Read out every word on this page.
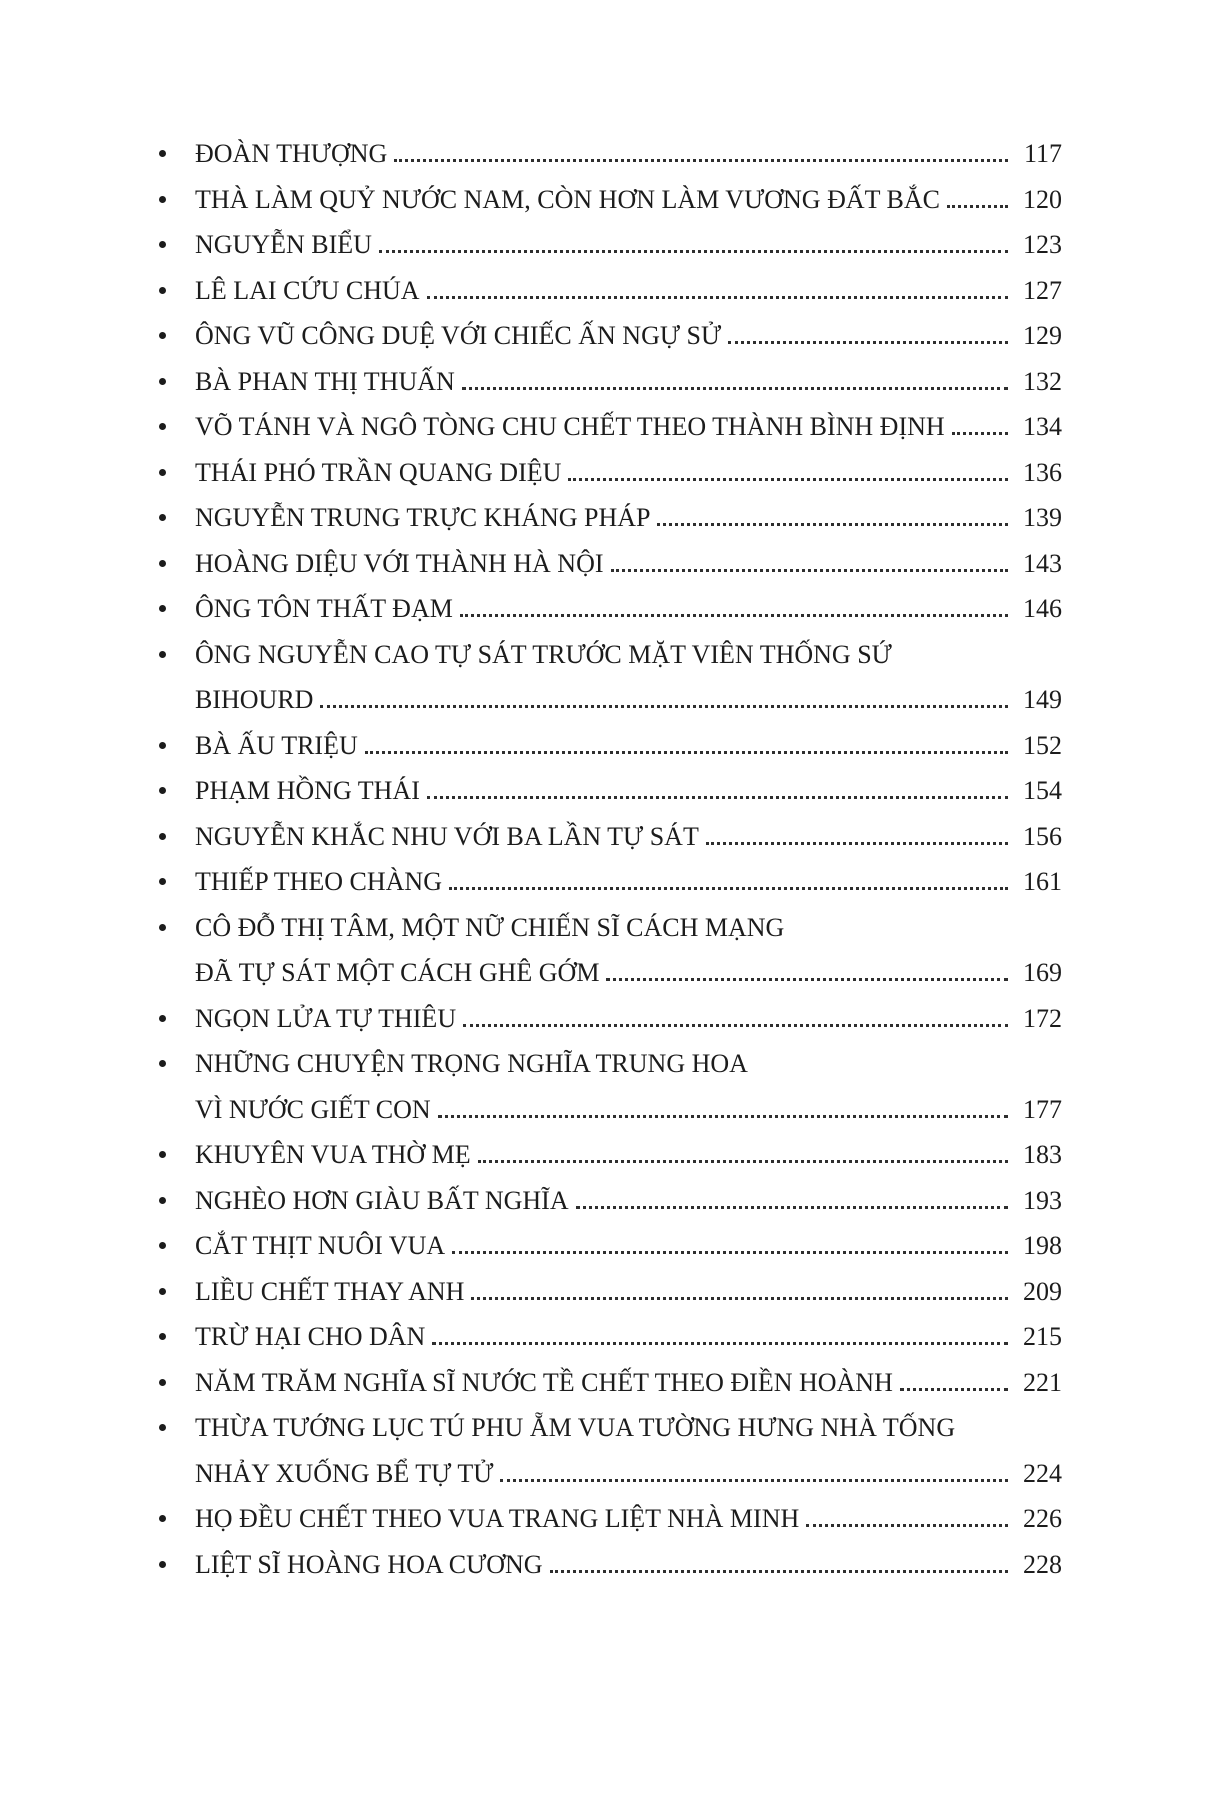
ĐOÀN THƯỢNG	117
THÀ LÀM QUỶ NƯỚC NAM, CÒN HƠN LÀM VƯƠNG ĐẤT BẮC	120
NGUYỄN BIỂU	123
LÊ LAI CỨU CHÚA	127
ÔNG VŨ CÔNG DUỆ VỚI CHIẾC ẤN NGỰ SỬ	129
BÀ PHAN THỊ THUẤN	132
VÕ TÁNH VÀ NGÔ TÒNG CHU CHẾT THEO THÀNH BÌNH ĐỊNH	134
THÁI PHÓ TRẦN QUANG DIỆU	136
NGUYỄN TRUNG TRỰC KHÁNG PHÁP	139
HOÀNG DIỆU VỚI THÀNH HÀ NỘI	143
ÔNG TÔN THẤT ĐẠM	146
ÔNG NGUYỄN CAO TỰ SÁT TRƯỚC MẶT VIÊN THỐNG SỨ
BIHOURD	149
BÀ ẤU TRIỆU	152
PHẠM HỒNG THÁI	154
NGUYỄN KHẮC NHU VỚI BA LẦN TỰ SÁT	156
THIẾP THEO CHÀNG	161
CÔ ĐỖ THỊ TÂM, MỘT NỮ CHIẾN SĨ CÁCH MẠNG
ĐÃ TỰ SÁT MỘT CÁCH GHÊ GỚM	169
NGỌN LỬA TỰ THIÊU	172
NHỮNG CHUYỆN TRỌNG NGHĨA TRUNG HOA
VÌ NƯỚC GIẾT CON	177
KHUYÊN VUA THỜ MẸ	183
NGHÈO HƠN GIÀU BẤT NGHĨA	193
CẮT THỊT NUÔI VUA	198
LIỀU CHẾT THAY ANH	209
TRỪ HẠI CHO DÂN	215
NĂM TRĂM NGHĨA SĨ NƯỚC TỀ CHẾT THEO ĐIỀN HOÀNH	221
THỪA TƯỚNG LỤC TÚ PHU ẴM VUA TƯỜNG HƯNG NHÀ TỐNG
NHẢY XUỐNG BỂ TỰ TỬ	224
HỌ ĐỀU CHẾT THEO VUA TRANG LIỆT NHÀ MINH	226
LIỆT SĨ HOÀNG HOA CƯƠNG	228
